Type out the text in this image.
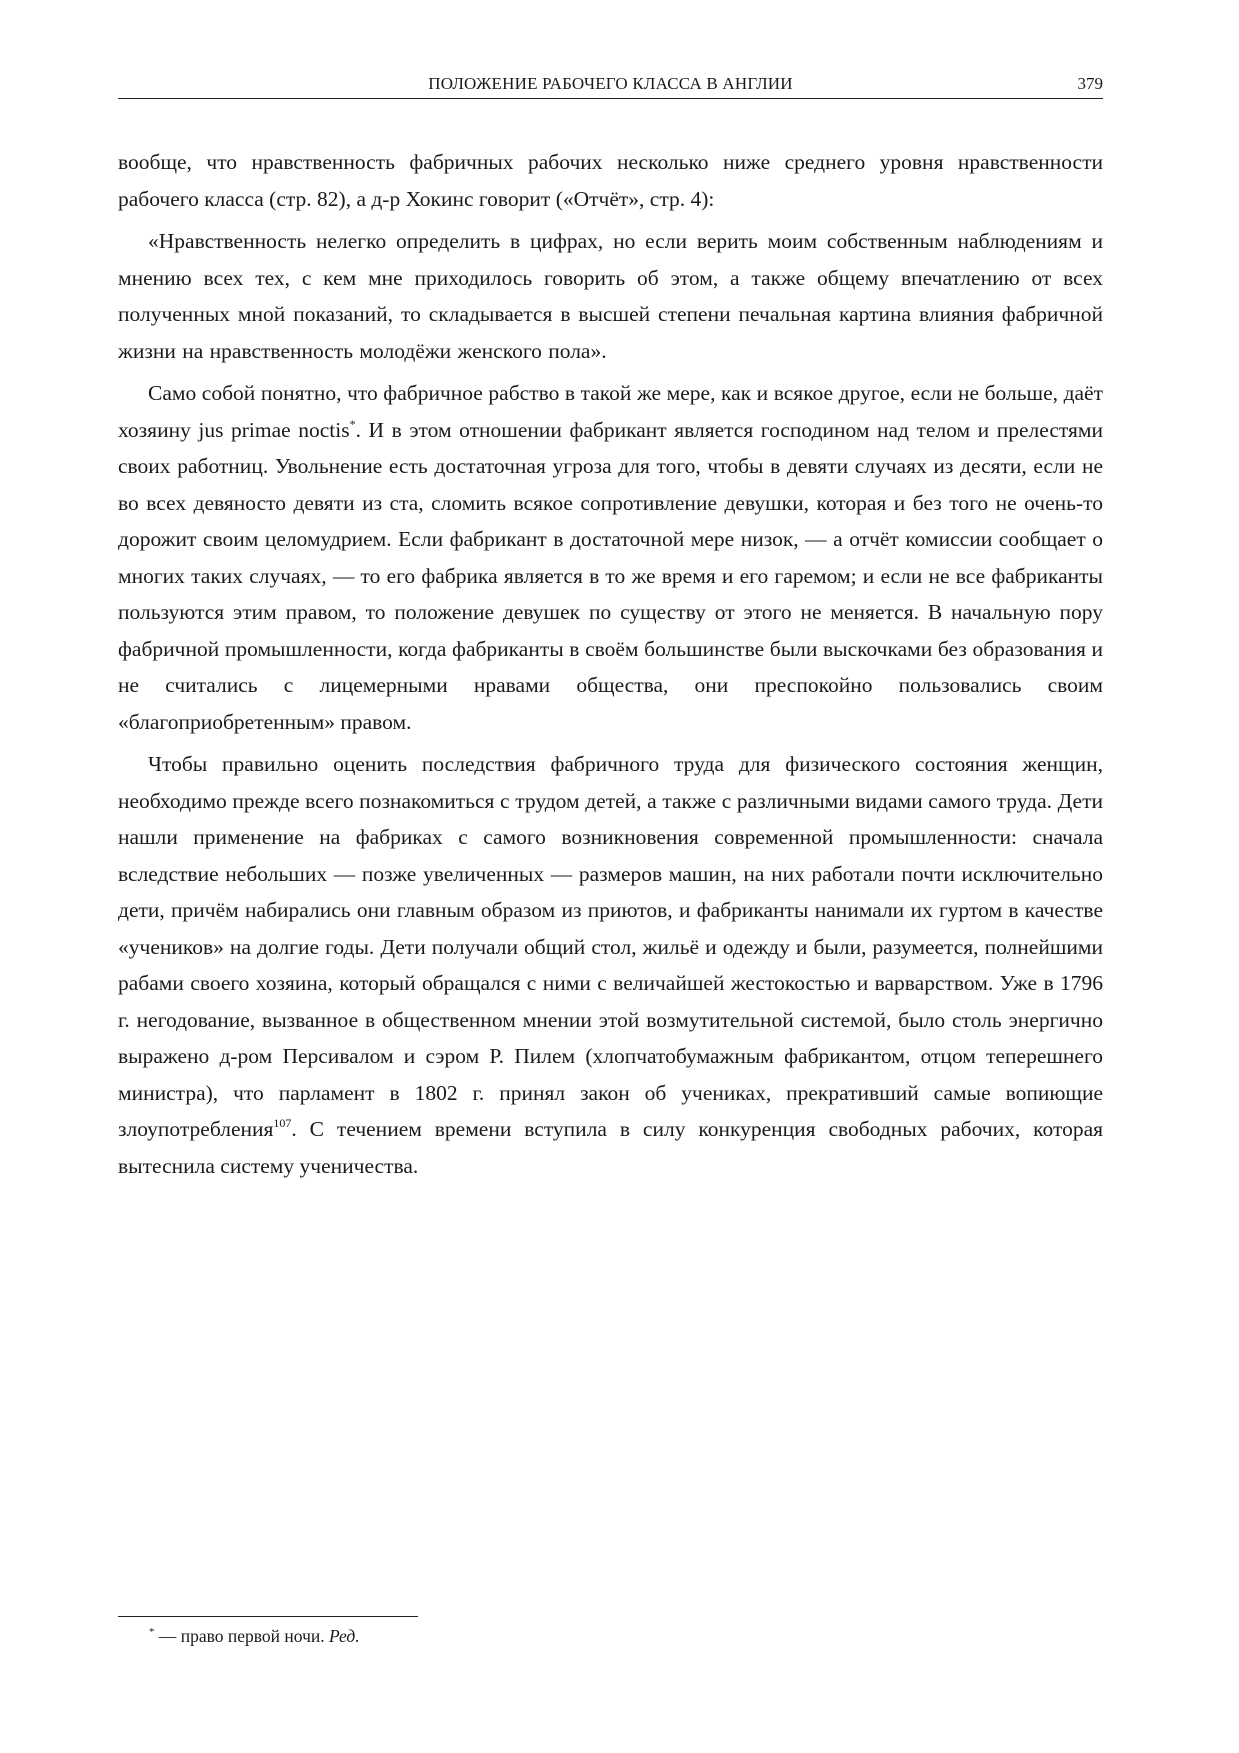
ПОЛОЖЕНИЕ РАБОЧЕГО КЛАССА В АНГЛИИ	379

вообще, что нравственность фабричных рабочих несколько ниже среднего уровня нравственности рабочего класса (стр. 82), а д-р Хокинс говорит («Отчёт», стр. 4):

«Нравственность нелегко определить в цифрах, но если верить моим собственным наблюдениям и мнению всех тех, с кем мне приходилось говорить об этом, а также общему впечатлению от всех полученных мной показаний, то складывается в высшей степени печальная картина влияния фабричной жизни на нравственность молодёжи женского пола».

Само собой понятно, что фабричное рабство в такой же мере, как и всякое другое, если не больше, даёт хозяину jus primae noctis*. И в этом отношении фабрикант является господином над телом и прелестями своих работниц. Увольнение есть достаточная угроза для того, чтобы в девяти случаях из десяти, если не во всех девяносто девяти из ста, сломить всякое сопротивление девушки, которая и без того не очень-то дорожит своим целомудрием. Если фабрикант в достаточной мере низок, — а отчёт комиссии сообщает о многих таких случаях, — то его фабрика является в то же время и его гаремом; и если не все фабриканты пользуются этим правом, то положение девушек по существу от этого не меняется. В начальную пору фабричной промышленности, когда фабриканты в своём большинстве были выскочками без образования и не считались с лицемерными нравами общества, они преспокойно пользовались своим «благоприобретенным» правом.

Чтобы правильно оценить последствия фабричного труда для физического состояния женщин, необходимо прежде всего познакомиться с трудом детей, а также с различными видами самого труда. Дети нашли применение на фабриках с самого возникновения современной промышленности: сначала вследствие небольших — позже увеличенных — размеров машин, на них работали почти исключительно дети, причём набирались они главным образом из приютов, и фабриканты нанимали их гуртом в качестве «учеников» на долгие годы. Дети получали общий стол, жильё и одежду и были, разумеется, полнейшими рабами своего хозяина, который обращался с ними с величайшей жестокостью и варварством. Уже в 1796 г. негодование, вызванное в общественном мнении этой возмутительной системой, было столь энергично выражено д-ром Персивалом и сэром Р. Пилем (хлопчатобумажным фабрикантом, отцом теперешнего министра), что парламент в 1802 г. принял закон об учениках, прекративший самые вопиющие злоупотребления$^{107}$. С течением времени вступила в силу конкуренция свободных рабочих, которая вытеснила систему ученичества.

* — право первой ночи. Ред.
